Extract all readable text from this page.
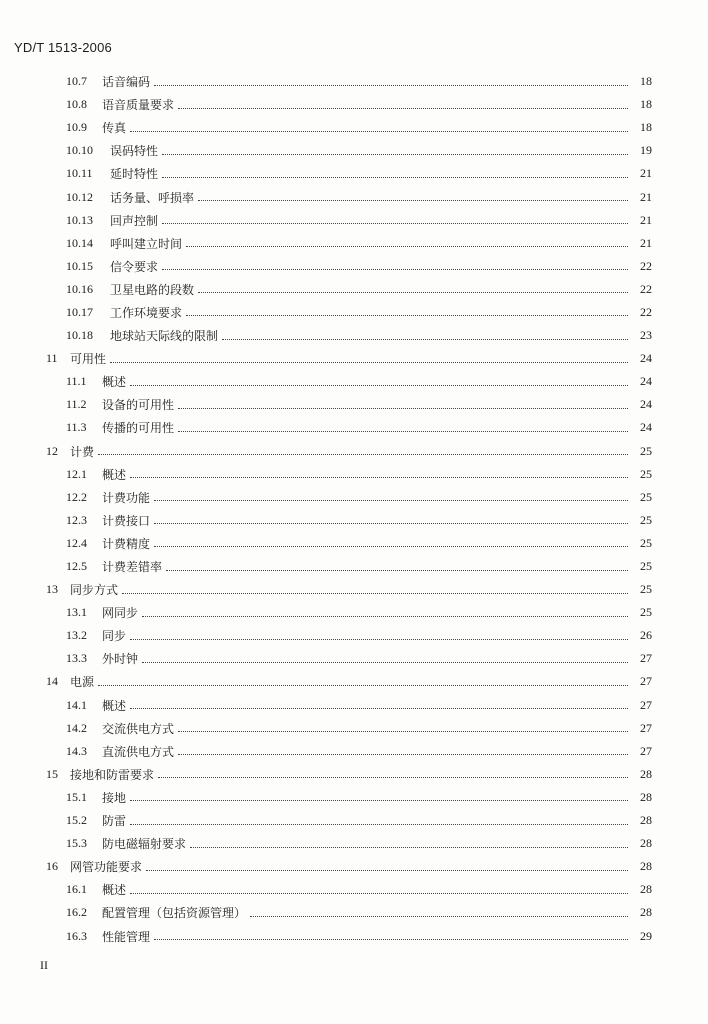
YD/T 1513-2006
10.7	话音编码	18
10.8	语音质量要求	18
10.9	传真	18
10.10	误码特性	19
10.11	延时特性	21
10.12	话务量、呼损率	21
10.13	回声控制	21
10.14	呼叫建立时间	21
10.15	信令要求	22
10.16	卫星电路的段数	22
10.17	工作环境要求	22
10.18	地球站天际线的限制	23
11	可用性	24
11.1	概述	24
11.2	设备的可用性	24
11.3	传播的可用性	24
12	计费	25
12.1	概述	25
12.2	计费功能	25
12.3	计费接口	25
12.4	计费精度	25
12.5	计费差错率	25
13	同步方式	25
13.1	网同步	25
13.2	同步	26
13.3	外时钟	27
14	电源	27
14.1	概述	27
14.2	交流供电方式	27
14.3	直流供电方式	27
15	接地和防雷要求	28
15.1	接地	28
15.2	防雷	28
15.3	防电磁辐射要求	28
16	网管功能要求	28
16.1	概述	28
16.2	配置管理（包括资源管理）	28
16.3	性能管理	29
II
